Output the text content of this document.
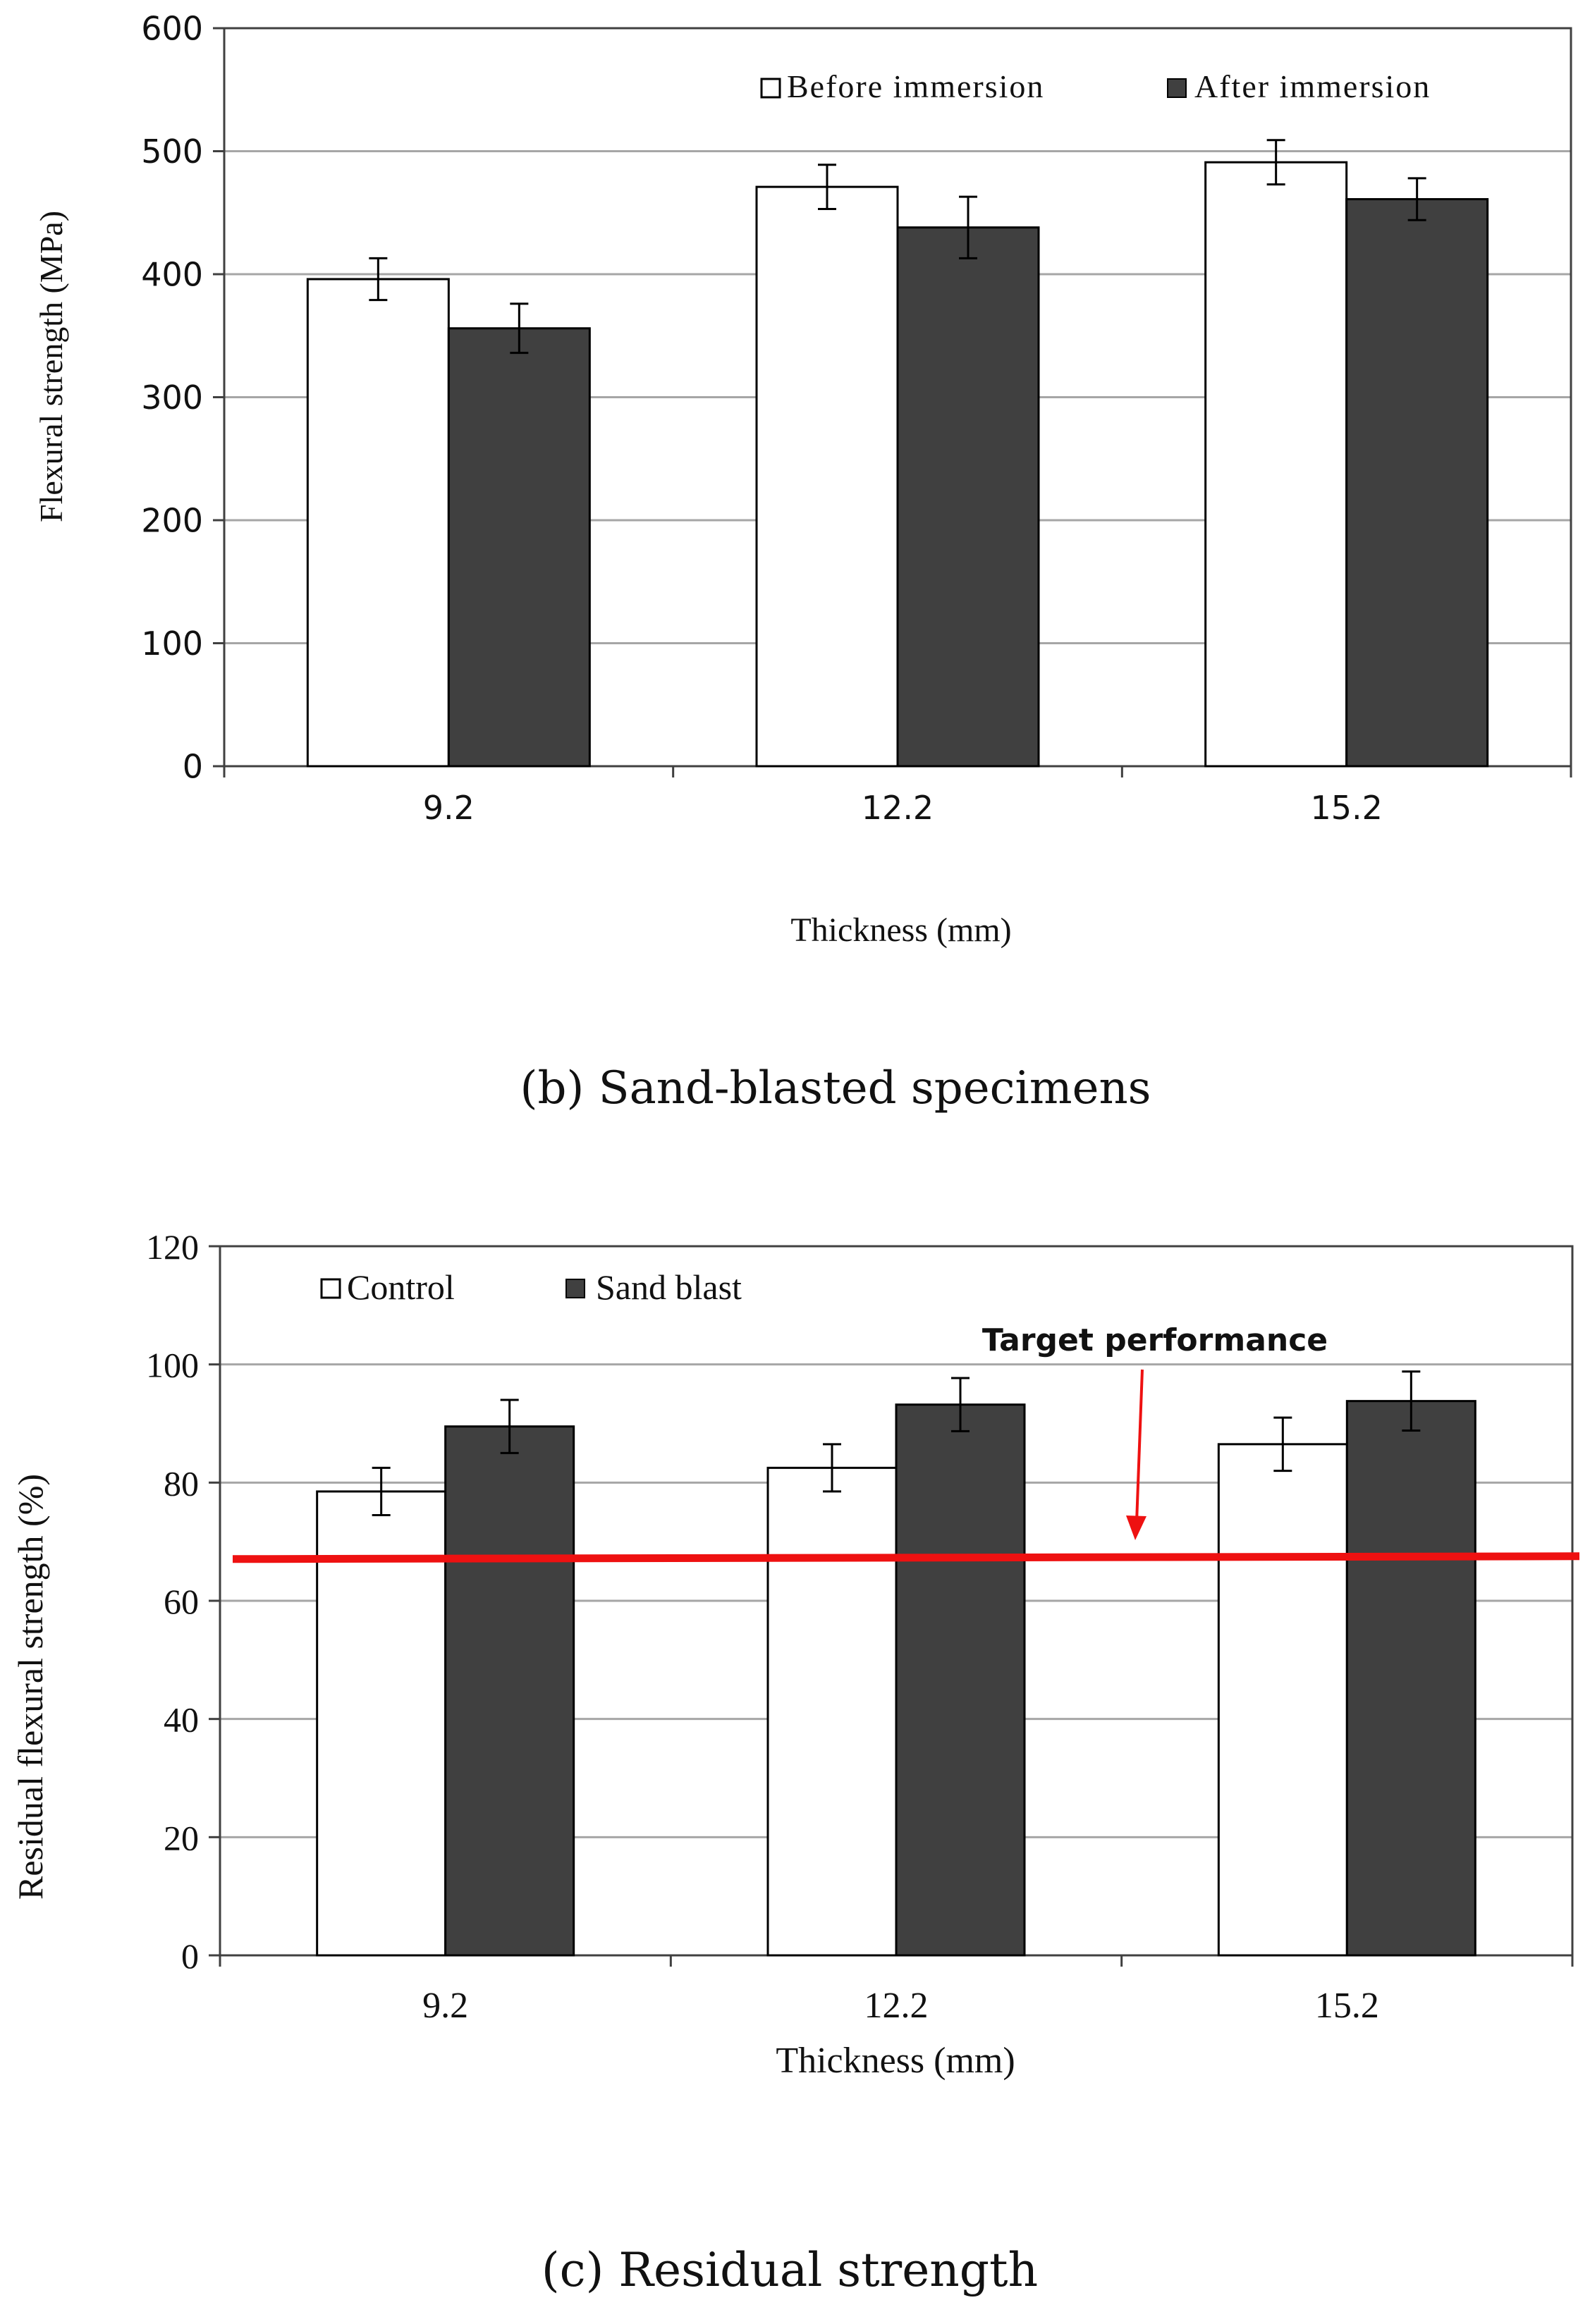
0
100
200
300
400
500
600
9.2	12.2	15.2
Before immersion	After immersion
Flexural strength (MPa)
Thickness (mm)
(b) Sand-blasted specimens
0
20
40
60
80
100
120
9.2	12.2	15.2
Control	Sand blast
Target performance
Residual flexural strength (%)
Thickness (mm)
(c) Residual strength
